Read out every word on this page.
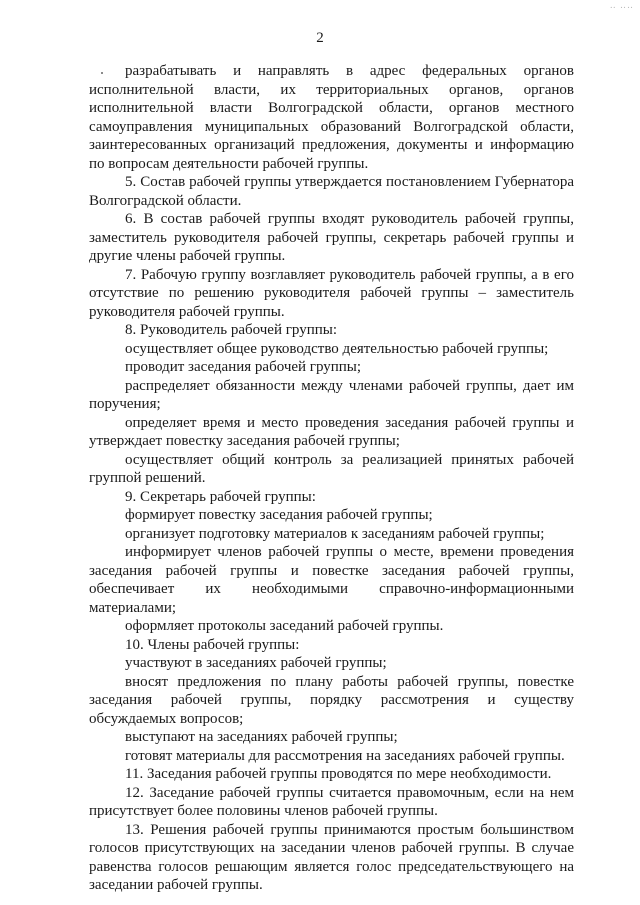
‥ ‥‥
2

разрабатывать и направлять в адрес федеральных органов исполнительной власти, их территориальных органов, органов исполнительной власти Волгоградской области, органов местного самоуправления муниципальных образований Волгоградской области, заинтересованных организаций предложения, документы и информацию по вопросам деятельности рабочей группы.

5. Состав рабочей группы утверждается постановлением Губернатора Волгоградской области.

6. В состав рабочей группы входят руководитель рабочей группы, заместитель руководителя рабочей группы, секретарь рабочей группы и другие члены рабочей группы.

7. Рабочую группу возглавляет руководитель рабочей группы, а в его отсутствие по решению руководителя рабочей группы – заместитель руководителя рабочей группы.

8. Руководитель рабочей группы:

осуществляет общее руководство деятельностью рабочей группы;

проводит заседания рабочей группы;

распределяет обязанности между членами рабочей группы, дает им поручения;

определяет время и место проведения заседания рабочей группы и утверждает повестку заседания рабочей группы;

осуществляет общий контроль за реализацией принятых рабочей группой решений.

9. Секретарь рабочей группы:

формирует повестку заседания рабочей группы;

организует подготовку материалов к заседаниям рабочей группы;

информирует членов рабочей группы о месте, времени проведения заседания рабочей группы и повестке заседания рабочей группы, обеспечивает их необходимыми справочно-информационными материалами;

оформляет протоколы заседаний рабочей группы.

10. Члены рабочей группы:

участвуют в заседаниях рабочей группы;

вносят предложения по плану работы рабочей группы, повестке заседания рабочей группы, порядку рассмотрения и существу обсуждаемых вопросов;

выступают на заседаниях рабочей группы;

готовят материалы для рассмотрения на заседаниях рабочей группы.

11. Заседания рабочей группы проводятся по мере необходимости.

12. Заседание рабочей группы считается правомочным, если на нем присутствует более половины членов рабочей группы.

13. Решения рабочей группы принимаются простым большинством голосов присутствующих на заседании членов рабочей группы. В случае равенства голосов решающим является голос председательствующего на заседании рабочей группы.
